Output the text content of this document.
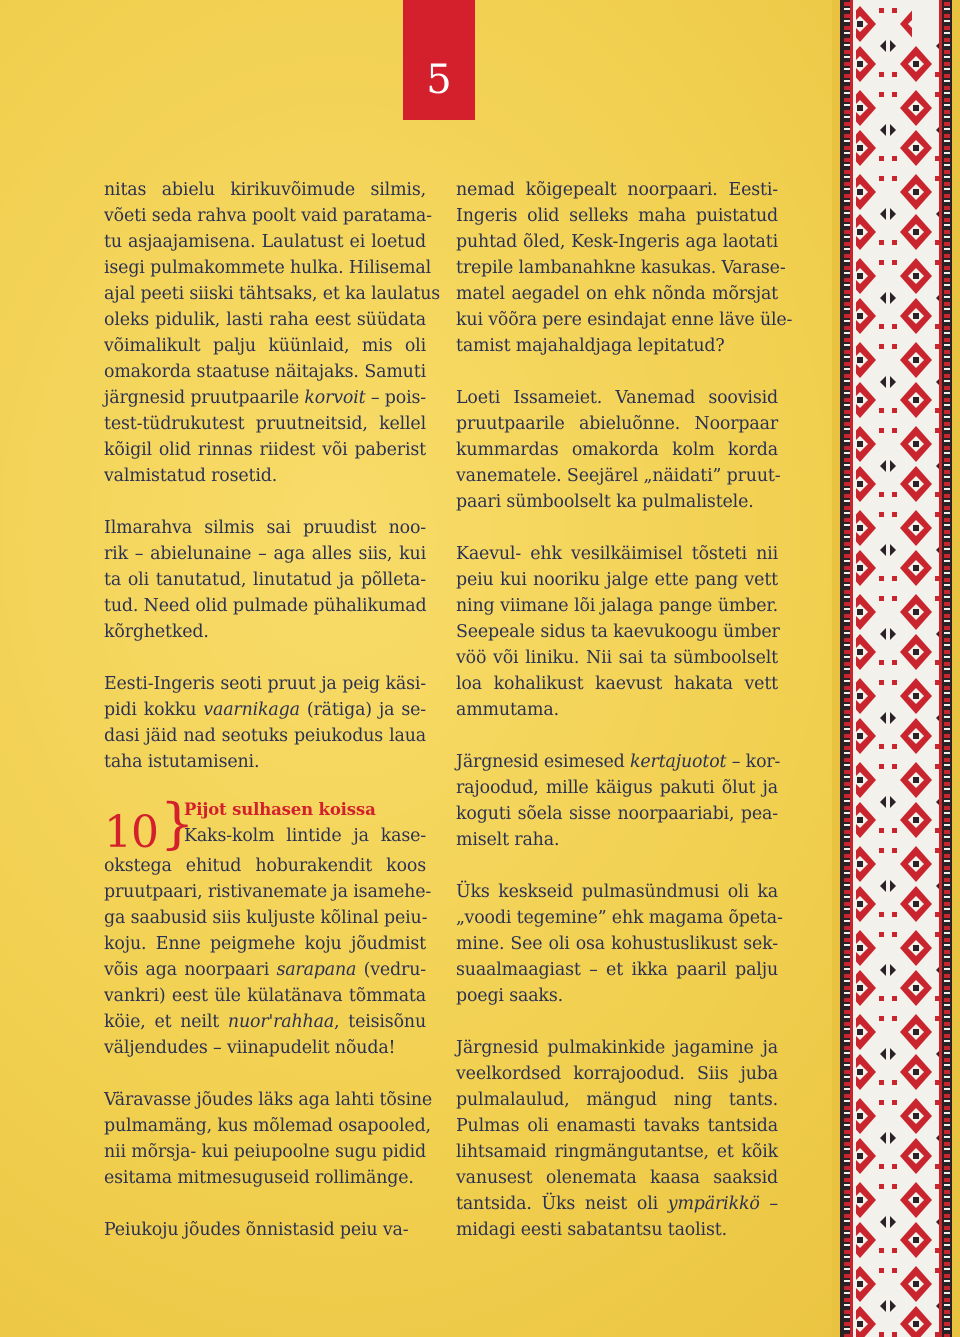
5

nitas abielu kirikuvõimude silmis,
võeti seda rahva poolt vaid paratama-
tu asjaajamisena. Laulatust ei loetud
isegi pulmakommete hulka. Hilisemal
ajal peeti siiski tähtsaks, et ka laulatus
oleks pidulik, lasti raha eest süüdata
võimalikult palju küünlaid, mis oli
omakorda staatuse näitajaks. Samuti
järgnesid pruutpaarile korvoit – pois-
test-tüdrukutest pruutneitsid, kellel
kõigil olid rinnas riidest või paberist
valmistatud rosetid.

Ilmarahva silmis sai pruudist noo-
rik – abielunaine – aga alles siis, kui
ta oli tanutatud, linutatud ja põlleta-
tud. Need olid pulmade pühalikumad
kõrghetked.

Eesti-Ingeris seoti pruut ja peig käsi-
pidi kokku vaarnikaga (rätiga) ja se-
dasi jäid nad seotuks peiukodus laua
taha istutamiseni.

10 }
Pijot sulhasen koissa
Kaks-kolm lintide ja kase-

okstega ehitud hoburakendit koos
pruutpaari, ristivanemate ja isamehe-
ga saabusid siis kuljuste kõlinal peiu-
koju. Enne peigmehe koju jõudmist
võis aga noorpaari sarapana (vedru-
vankri) eest üle külatänava tõmmata
köie, et neilt nuor'rahhaa, teisisõnu
väljendudes – viinapudelit nõuda!

Väravasse jõudes läks aga lahti tõsine
pulmamäng, kus mõlemad osapooled,
nii mõrsja- kui peiupoolne sugu pidid
esitama mitmesuguseid rollimänge.

Peiukoju jõudes õnnistasid peiu va-

nemad kõigepealt noorpaari. Eesti-
Ingeris olid selleks maha puistatud
puhtad õled, Kesk-Ingeris aga laotati
trepile lambanahkne kasukas. Varase-
matel aegadel on ehk nõnda mõrsjat
kui võõra pere esindajat enne läve üle-
tamist majahaldjaga lepitatud?

Loeti Issameiet. Vanemad soovisid
pruutpaarile abieluõnne. Noorpaar
kummardas omakorda kolm korda
vanematele. Seejärel „näidati” pruut-
paari sümboolselt ka pulmalistele.

Kaevul- ehk vesilkäimisel tõsteti nii
peiu kui nooriku jalge ette pang vett
ning viimane lõi jalaga pange ümber.
Seepeale sidus ta kaevukoogu ümber
vöö või liniku. Nii sai ta sümboolselt
loa kohalikust kaevust hakata vett
ammutama.

Järgnesid esimesed kertajuotot – kor-
rajoodud, mille käigus pakuti õlut ja
koguti sõela sisse noorpaariabi, pea-
miselt raha.

Üks keskseid pulmasündmusi oli ka
„voodi tegemine” ehk magama õpeta-
mine. See oli osa kohustuslikust sek-
suaalmaagiast – et ikka paaril palju
poegi saaks.

Järgnesid pulmakinkide jagamine ja
veelkordsed korrajoodud. Siis juba
pulmalaulud, mängud ning tants.
Pulmas oli enamasti tavaks tantsida
lihtsamaid ringmängutantse, et kõik
vanusest olenemata kaasa saaksid
tantsida. Üks neist oli ympärikkö –
midagi eesti sabatantsu taolist.
